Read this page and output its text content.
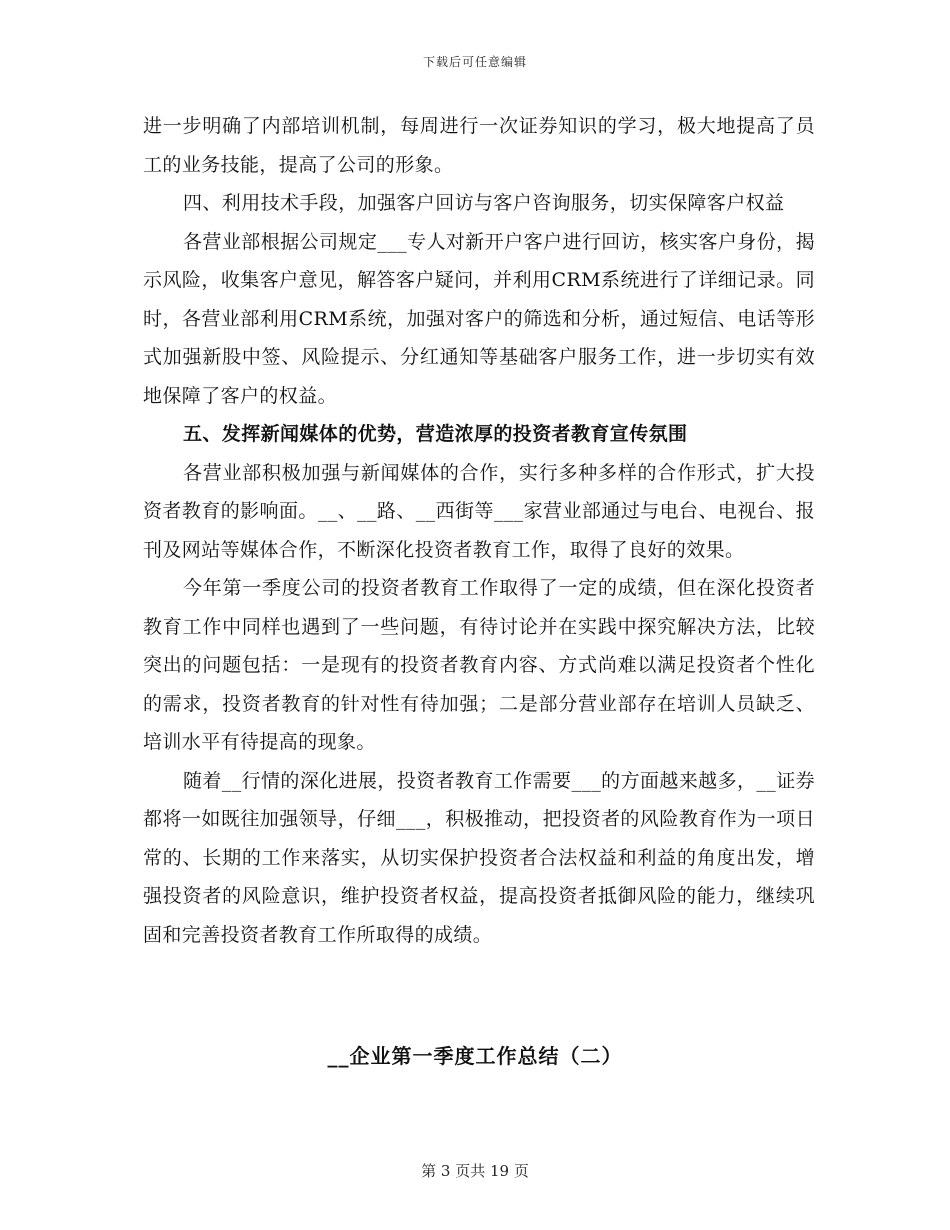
下载后可任意编辑

进一步明确了内部培训机制，每周进行一次证券知识的学习，极大地提高了员工的业务技能，提高了公司的形象。

四、利用技术手段，加强客户回访与客户咨询服务，切实保障客户权益

各营业部根据公司规定___专人对新开户客户进行回访，核实客户身份，揭示风险，收集客户意见，解答客户疑问，并利用CRM系统进行了详细记录。同时，各营业部利用CRM系统，加强对客户的筛选和分析，通过短信、电话等形式加强新股中签、风险提示、分红通知等基础客户服务工作，进一步切实有效地保障了客户的权益。

五、发挥新闻媒体的优势，营造浓厚的投资者教育宣传氛围

各营业部积极加强与新闻媒体的合作，实行多种多样的合作形式，扩大投资者教育的影响面。__、__路、__西街等___家营业部通过与电台、电视台、报刊及网站等媒体合作，不断深化投资者教育工作，取得了良好的效果。

今年第一季度公司的投资者教育工作取得了一定的成绩，但在深化投资者教育工作中同样也遇到了一些问题，有待讨论并在实践中探究解决方法，比较突出的问题包括：一是现有的投资者教育内容、方式尚难以满足投资者个性化的需求，投资者教育的针对性有待加强；二是部分营业部存在培训人员缺乏、培训水平有待提高的现象。

随着__行情的深化进展，投资者教育工作需要___的方面越来越多，__证券都将一如既往加强领导，仔细___，积极推动，把投资者的风险教育作为一项日常的、长期的工作来落实，从切实保护投资者合法权益和利益的角度出发，增强投资者的风险意识，维护投资者权益，提高投资者抵御风险的能力，继续巩固和完善投资者教育工作所取得的成绩。

__企业第一季度工作总结（二）
第 3 页共 19 页
